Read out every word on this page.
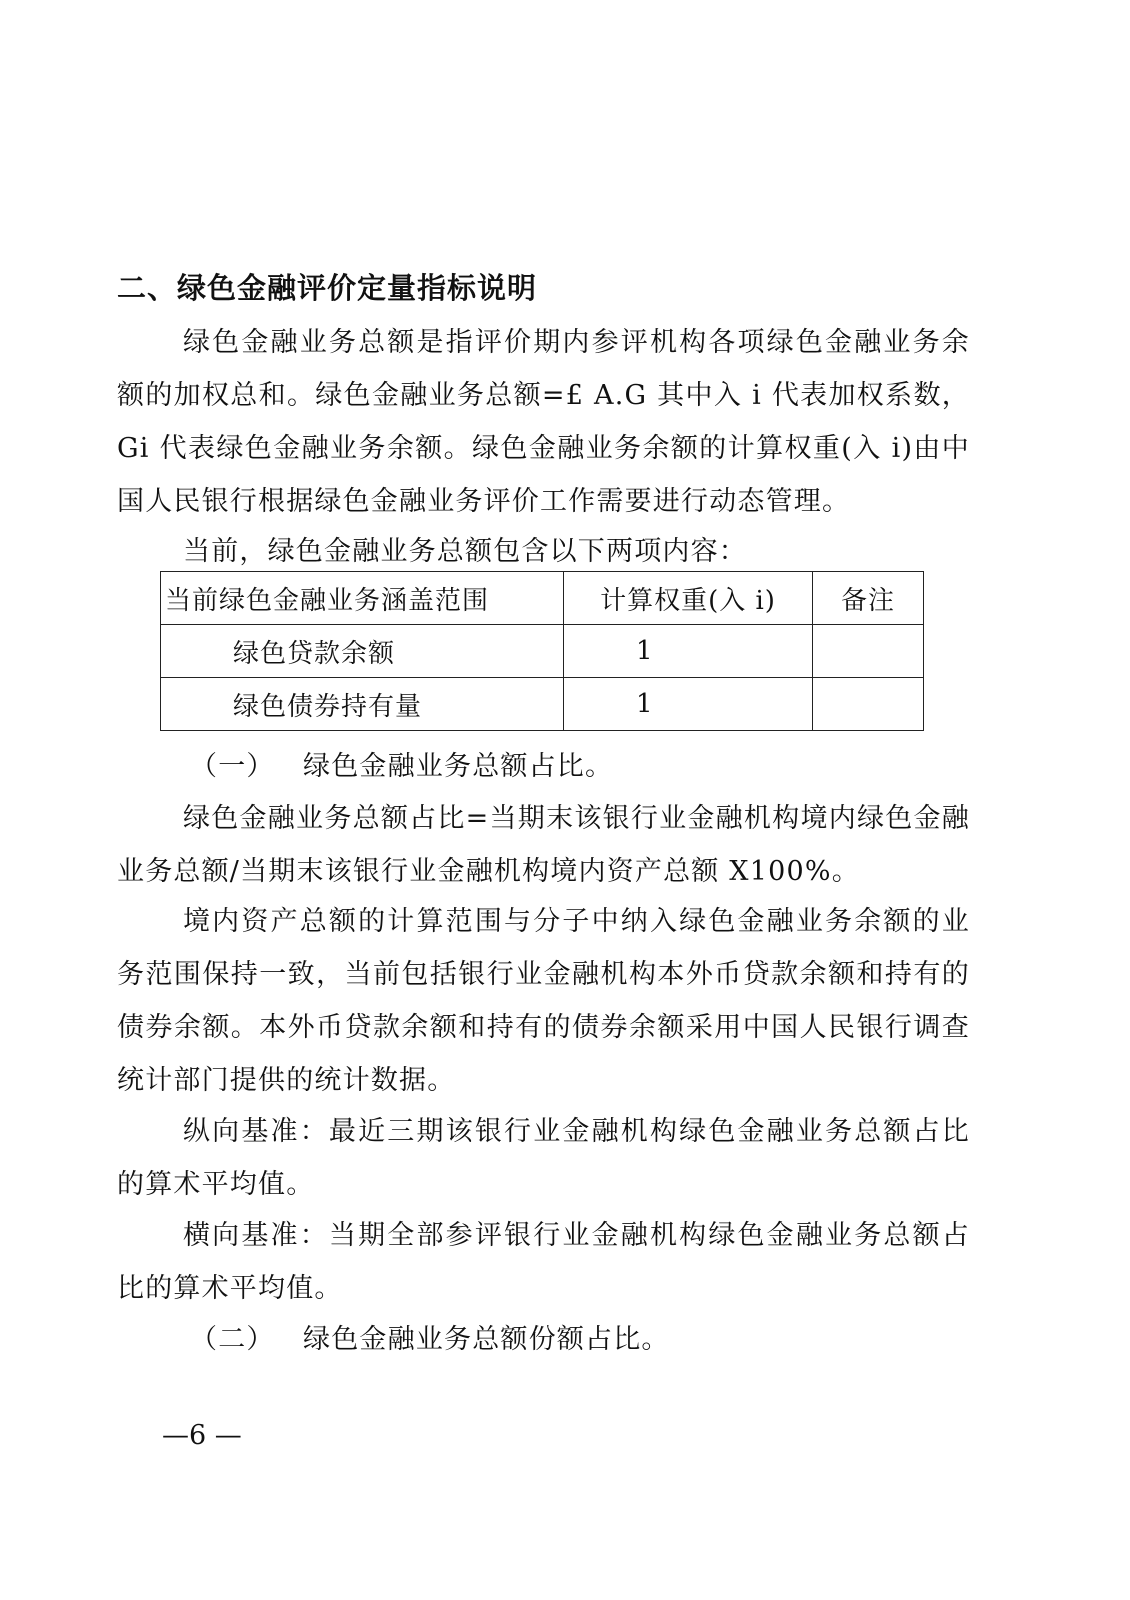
二、绿色金融评价定量指标说明

绿色金融业务总额是指评价期内参评机构各项绿色金融业务余额的加权总和。绿色金融业务总额=£ A.G 其中入 i 代表加权系数，Gi 代表绿色金融业务余额。绿色金融业务余额的计算权重(入 i)由中国人民银行根据绿色金融业务评价工作需要进行动态管理。

当前，绿色金融业务总额包含以下两项内容：

当前绿色金融业务涵盖范围	计算权重(入 i)	备注
绿色贷款余额	1	
绿色债券持有量	1	
（一） 绿色金融业务总额占比。

绿色金融业务总额占比=当期末该银行业金融机构境内绿色金融业务总额/当期末该银行业金融机构境内资产总额 X100%。

境内资产总额的计算范围与分子中纳入绿色金融业务余额的业务范围保持一致，当前包括银行业金融机构本外币贷款余额和持有的债券余额。本外币贷款余额和持有的债券余额采用中国人民银行调查统计部门提供的统计数据。

纵向基准：最近三期该银行业金融机构绿色金融业务总额占比的算术平均值。

横向基准：当期全部参评银行业金融机构绿色金融业务总额占比的算术平均值。

（二） 绿色金融业务总额份额占比。
—6 —
